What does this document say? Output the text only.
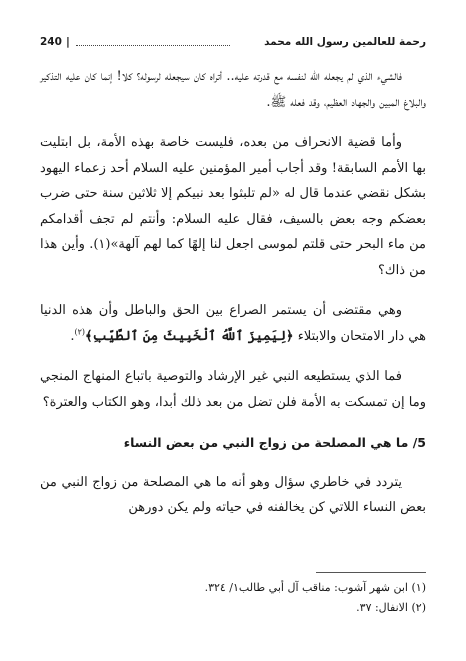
240 |	رحمة للعالمين رسول الله محمد

فالشيء الذي لم يجعله الله لنفسه مع قدرته عليه.. أتراه كان سيجعله لرسوله؟ كلا! إنما كان عليه التذكير والبلاغ المبين والجهاد العظيم، وقد فعله ﷺ.

وأما قضية الانحراف من بعده، فليست خاصة بهذه الأمة، بل ابتليت بها الأمم السابقة! وقد أجاب أمير المؤمنين عليه السلام أحد زعماء اليهود بشكل نقضي عندما قال له «لم تلبثوا بعد نبيكم إلا ثلاثين سنة حتى ضرب بعضكم وجه بعض بالسيف، فقال عليه السلام: وأنتم لم تجف أقدامكم من ماء البحر حتى قلتم لموسى اجعل لنا إلهًا كما لهم آلهة»(١). وأين هذا من ذاك؟

وهي مقتضى أن يستمر الصراع بين الحق والباطل وأن هذه الدنيا هي دار الامتحان والابتلاء ﴿لِيَمِيزَ ٱللَّهُ ٱلْخَبِيثَ مِنَ ٱلطَّيِّبِ﴾$^{(٢)}$.

فما الذي يستطيعه النبي غير الإرشاد والتوصية باتباع المنهاج المنجي وما إن تمسكت به الأمة فلن تضل من بعد ذلك أبدا، وهو الكتاب والعترة؟

5/ ما هي المصلحة من زواج النبي من بعض النساء

يتردد في خاطري سؤال وهو أنه ما هي المصلحة من زواج النبي من بعض النساء اللاتي كن يخالفنه في حياته ولم يكن دورهن

(١) ابن شهر آشوب: مناقب آل أبي طالب١/ ٣٢٤.
(٢) الانفال: ٣٧.
